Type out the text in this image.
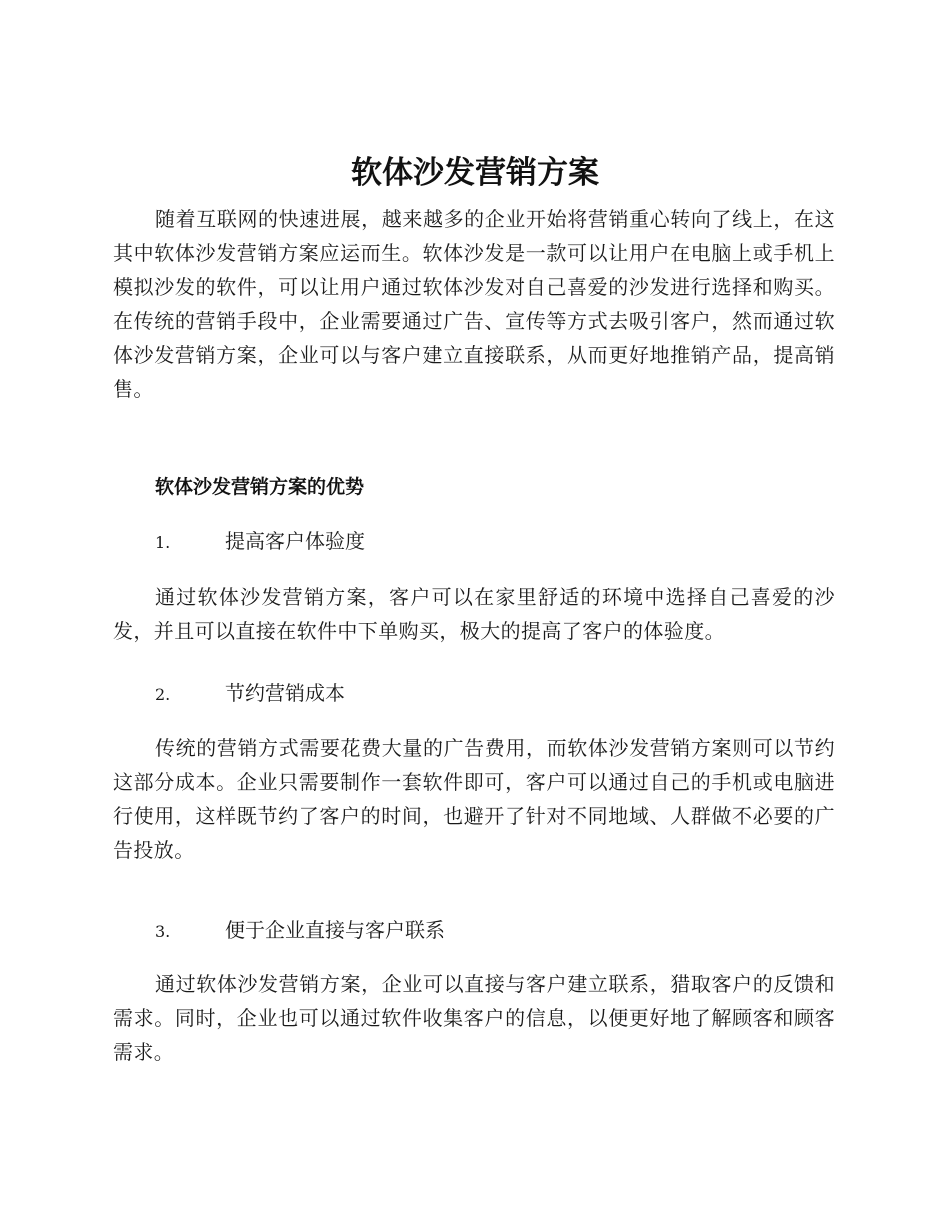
软体沙发营销方案

随着互联网的快速进展，越来越多的企业开始将营销重心转向了线上，在这其中软体沙发营销方案应运而生。软体沙发是一款可以让用户在电脑上或手机上模拟沙发的软件，可以让用户通过软体沙发对自己喜爱的沙发进行选择和购买。在传统的营销手段中，企业需要通过广告、宣传等方式去吸引客户，然而通过软体沙发营销方案，企业可以与客户建立直接联系，从而更好地推销产品，提高销售。

软体沙发营销方案的优势
1.	提高客户体验度

通过软体沙发营销方案，客户可以在家里舒适的环境中选择自己喜爱的沙发，并且可以直接在软件中下单购买，极大的提高了客户的体验度。

2.	节约营销成本

传统的营销方式需要花费大量的广告费用，而软体沙发营销方案则可以节约这部分成本。企业只需要制作一套软件即可，客户可以通过自己的手机或电脑进行使用，这样既节约了客户的时间，也避开了针对不同地域、人群做不必要的广告投放。

3.	便于企业直接与客户联系

通过软体沙发营销方案，企业可以直接与客户建立联系，猎取客户的反馈和需求。同时，企业也可以通过软件收集客户的信息，以便更好地了解顾客和顾客需求。
